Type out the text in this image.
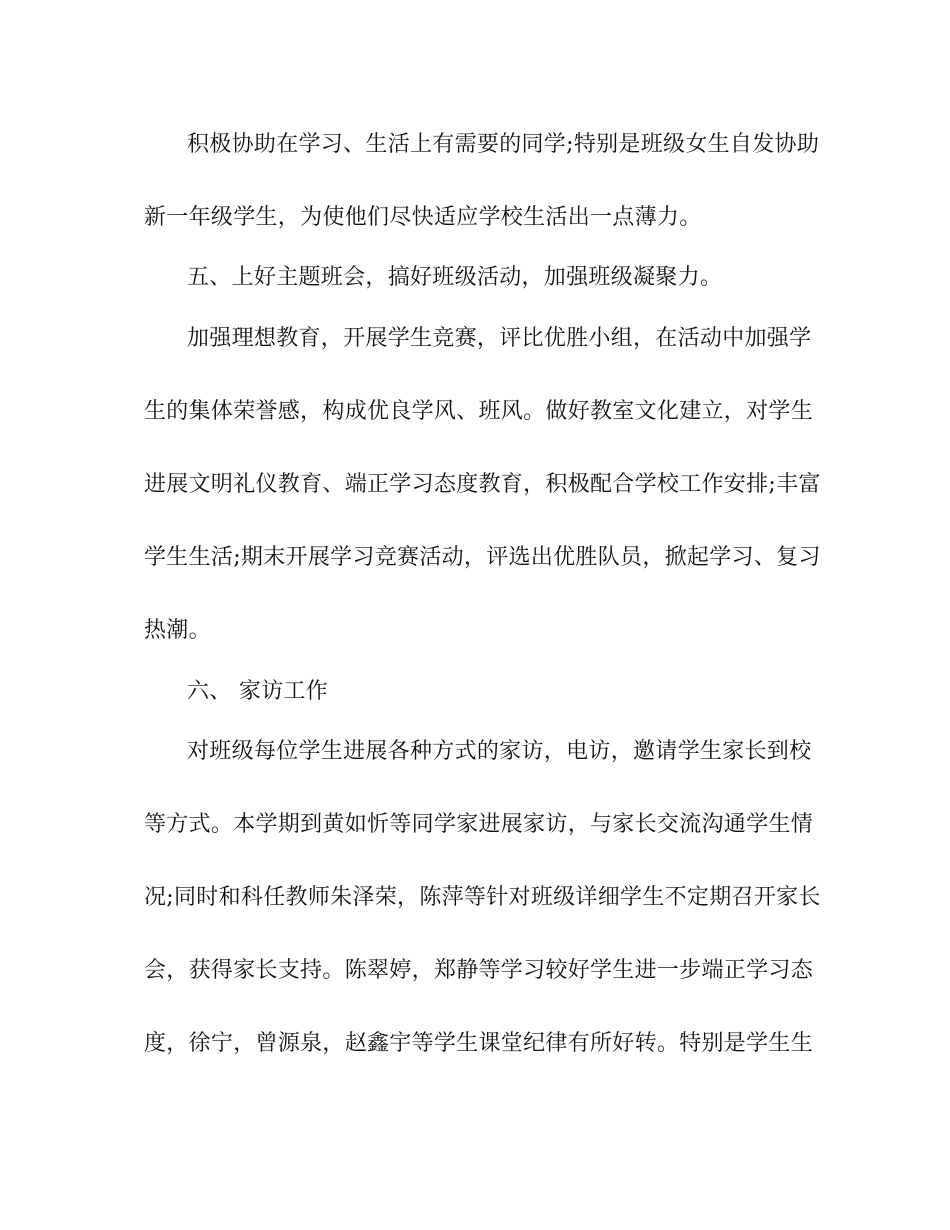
积极协助在学习、生活上有需要的同学;特别是班级女生自发协助
新一年级学生，为使他们尽快适应学校生活出一点薄力。
五、上好主题班会，搞好班级活动，加强班级凝聚力。
加强理想教育，开展学生竞赛，评比优胜小组，在活动中加强学
生的集体荣誉感，构成优良学风、班风。做好教室文化建立，对学生
进展文明礼仪教育、端正学习态度教育，积极配合学校工作安排;丰富
学生生活;期末开展学习竞赛活动，评选出优胜队员，掀起学习、复习
热潮。
六、 家访工作
对班级每位学生进展各种方式的家访，电访，邀请学生家长到校
等方式。本学期到黄如忻等同学家进展家访，与家长交流沟通学生情
况;同时和科任教师朱泽荣，陈萍等针对班级详细学生不定期召开家长
会，获得家长支持。陈翠婷，郑静等学习较好学生进一步端正学习态
度，徐宁，曾源泉，赵鑫宇等学生课堂纪律有所好转。特别是学生生
